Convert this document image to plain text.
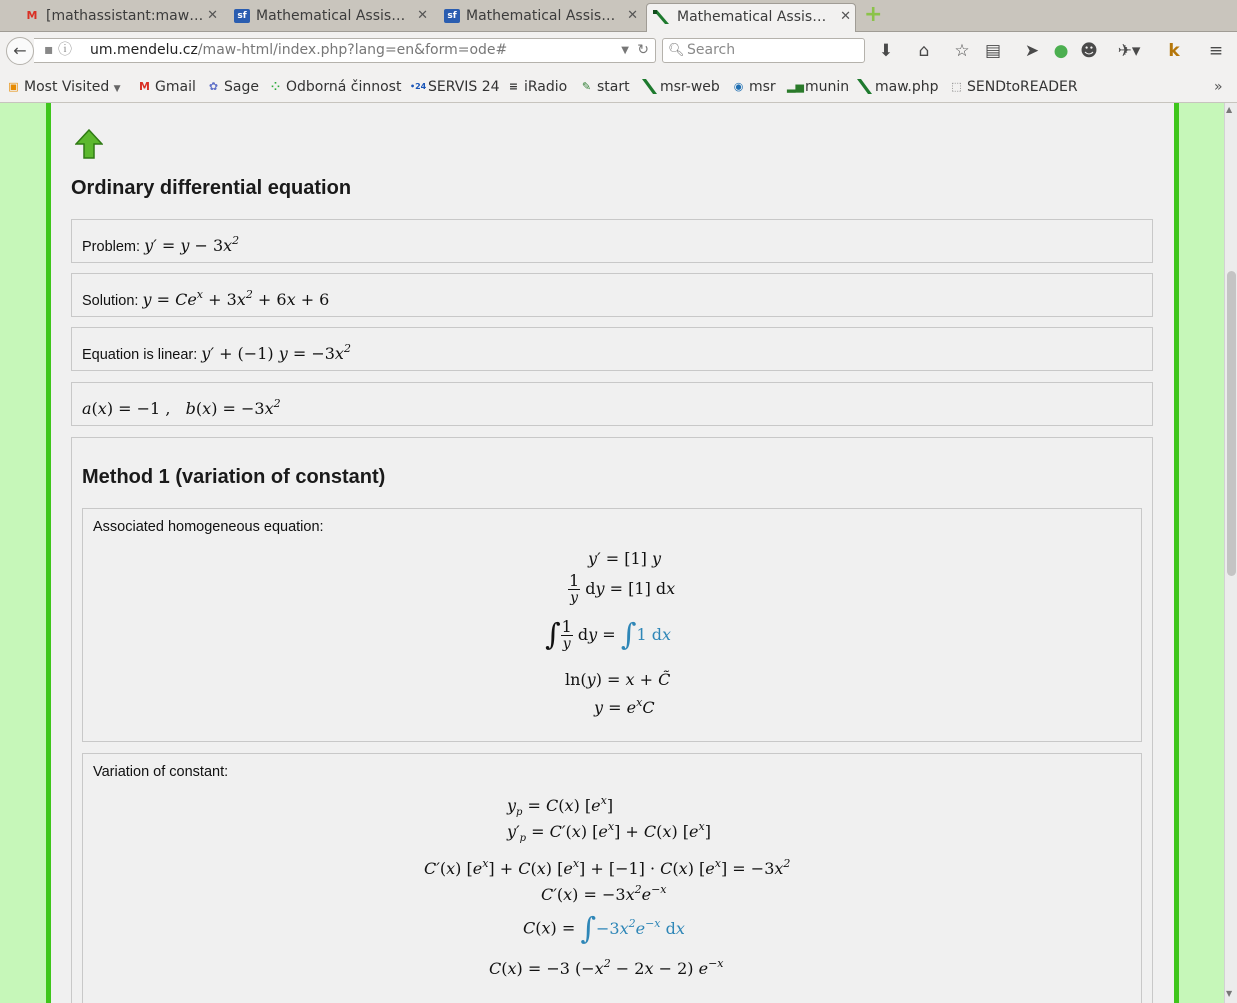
M [mathassistant:maw… ✕	sf Mathematical Assis… ✕	sf Mathematical Assis… ✕	Mathematical Assis… ✕ +
▪ ⓘ um.mendelu.cz/maw-html/index.php?lang=en&form=ode#	▼ ↻
←	🔍︎ Search	⬇	⌂	☆ ▤	➤ ● ☻	✈▾	k	≡
▣ Most Visited ▼ M Gmail ✿ Sage ⁘ Odborná činnost •24 SERVIS 24 ≡ iRadio ✎ start	msr-web ◉ msr ▂▅ munin	maw.php ⬚ SENDtoREADER	»
Ordinary differential equation
Problem: $y' = y - 3x^2$
Solution: $y = Ce^x + 3x^2 + 6x + 6$
Equation is linear: y′ + (−1) $y = -3x^2$
a(x) = −1 ,   $b(x) = -3x^2$
Method 1 (variation of constant)
Associated homogeneous equation:
y′ = [1] y
$\frac{1}{y}$ dy = [1] dx
∫ $\frac{1}{y}$ dy = ∫1 dx
ln(y) = x + C̃
$y = e^xC$
Variation of constant:
$y_p = C(x)$ $[e^x]$
$y'_p = C'(x) [e^x] + C(x)$ $[e^x]$
C′(x) $[e^x] + C(x) [e^x] + [-1] \cdot C(x) [e^x] = -3x^2$
$C'(x) = -3x^2e^{-x}$
$C(x) = \int-3x^2e^{-x}$ dx
C(x) = −3 $(-x^2 - 2x - 2)$ $e^{-x}$
▲
▼
